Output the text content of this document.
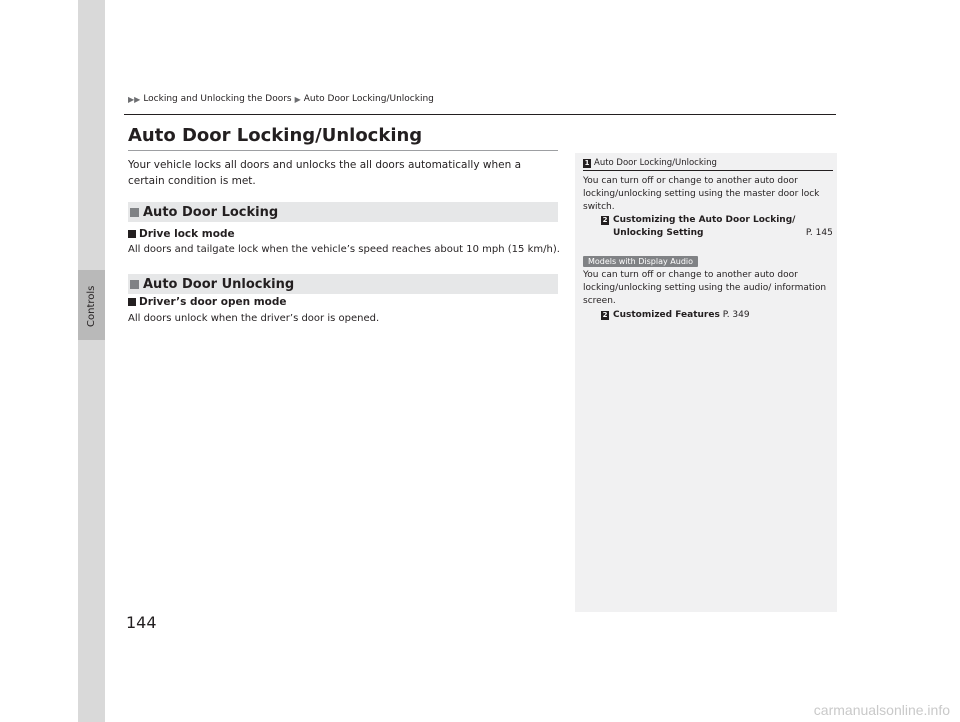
Controls
▶▶ Locking and Unlocking the Doors ▶ Auto Door Locking/Unlocking
Auto Door Locking/Unlocking
Your vehicle locks all doors and unlocks the all doors automatically when a certain condition is met.
Auto Door Locking
Drive lock mode
All doors and tailgate lock when the vehicle’s speed reaches about 10 mph (15 km/h).
Auto Door Unlocking
Driver’s door open mode
All doors unlock when the driver’s door is opened.
1 Auto Door Locking/Unlocking
You can turn off or change to another auto door locking/unlocking setting using the master door lock switch.
2 Customizing the Auto Door Locking/ Unlocking Setting	P. 145
Models with Display Audio
You can turn off or change to another auto door locking/unlocking setting using the audio/ information screen.
2 Customized Features P. 349
144
carmanualsonline.info
